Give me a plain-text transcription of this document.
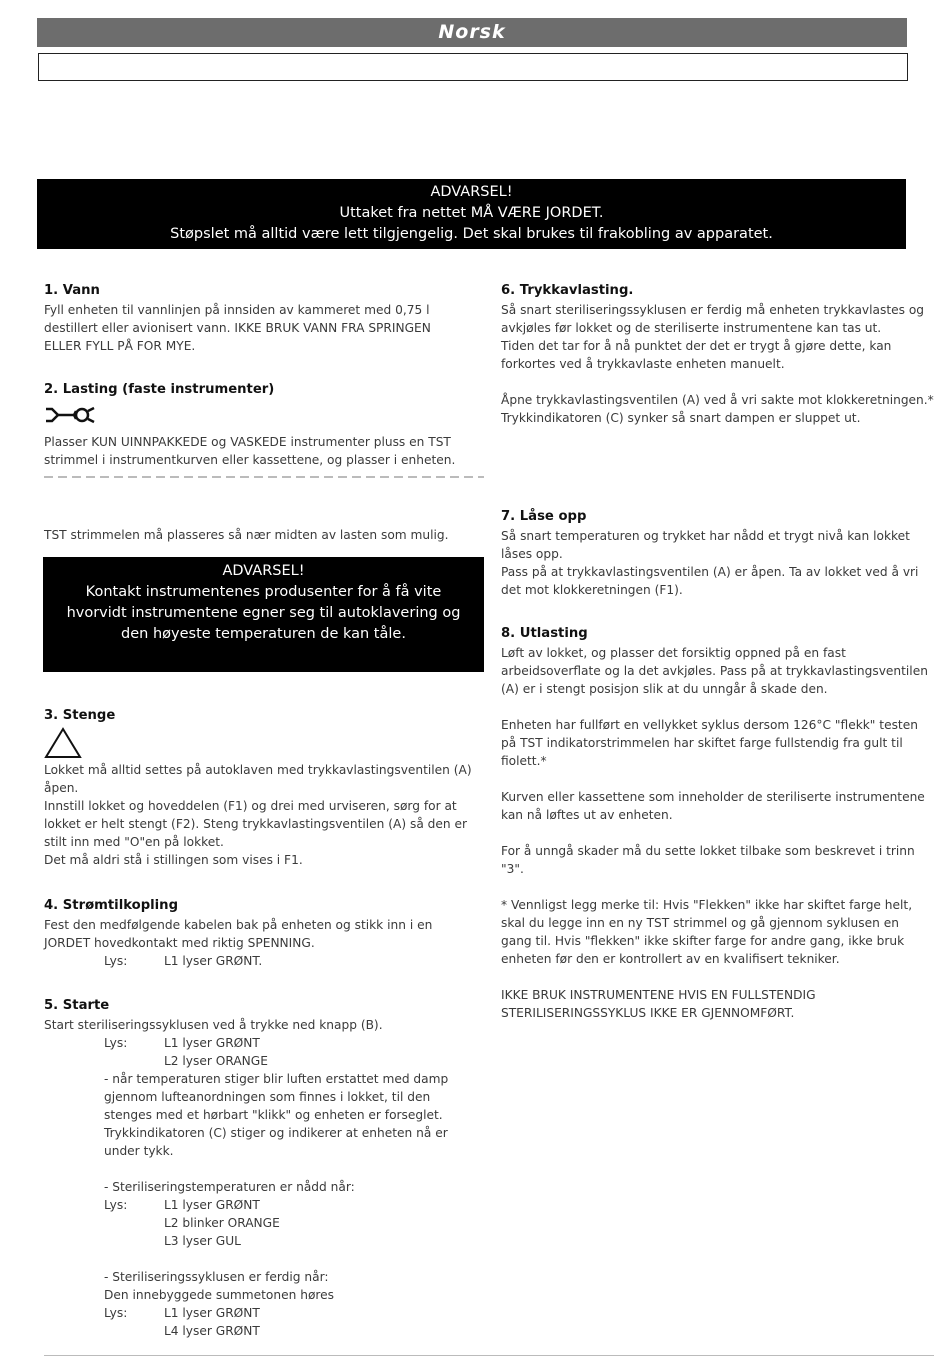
Norsk
ADVARSEL!
Uttaket fra nettet MÅ VÆRE JORDET.
Støpslet må alltid være lett tilgjengelig. Det skal brukes til frakobling av apparatet.
1. Vann
Fyll enheten til vannlinjen på innsiden av kammeret med 0,75 l
destillert eller avionisert vann. IKKE BRUK VANN FRA SPRINGEN
ELLER FYLL PÅ FOR MYE.
2. Lasting (faste instrumenter)
Plasser KUN UINNPAKKEDE og VASKEDE instrumenter pluss en TST
strimmel i instrumentkurven eller kassettene, og plasser i enheten.
TST strimmelen må plasseres så nær midten av lasten som mulig.
3. Stenge
Lokket må alltid settes på autoklaven med trykkavlastingsventilen (A)
åpen.
Innstill lokket og hoveddelen (F1) og drei med urviseren, sørg for at
lokket er helt stengt (F2). Steng trykkavlastingsventilen (A) så den er
stilt inn med "O"en på lokket.
Det må aldri stå i stillingen som vises i F1.
4. Strømtilkopling
Fest den medfølgende kabelen bak på enheten og stikk inn i en
JORDET hovedkontakt med riktig SPENNING.
Lys:	L1 lyser GRØNT.
5. Starte
Start steriliseringssyklusen ved å trykke ned knapp (B).
Lys:	L1 lyser GRØNT
L2 lyser ORANGE
- når temperaturen stiger blir luften erstattet med damp
gjennom lufteanordningen som finnes i lokket, til den
stenges med et hørbart "klikk" og enheten er forseglet.
Trykkindikatoren (C) stiger og indikerer at enheten nå er
under tykk.
- Steriliseringstemperaturen er nådd når:
Lys:	L1 lyser GRØNT
L2 blinker ORANGE
L3 lyser GUL
- Steriliseringssyklusen er ferdig når:
Den innebyggede summetonen høres
Lys:	L1 lyser GRØNT
L4 lyser GRØNT
ADVARSEL!
Kontakt instrumentenes produsenter for å få vite
hvorvidt instrumentene egner seg til autoklavering og
den høyeste temperaturen de kan tåle.
6. Trykkavlasting.
Så snart steriliseringssyklusen er ferdig må enheten trykkavlastes og
avkjøles før lokket og de steriliserte instrumentene kan tas ut.
Tiden det tar for å nå punktet der det er trygt å gjøre dette, kan
forkortes ved å trykkavlaste enheten manuelt.
Åpne trykkavlastingsventilen (A) ved å vri sakte mot klokkeretningen.*
Trykkindikatoren (C) synker så snart dampen er sluppet ut.
7. Låse opp
Så snart temperaturen og trykket har nådd et trygt nivå kan lokket
låses opp.
Pass på at trykkavlastingsventilen (A) er åpen. Ta av lokket ved å vri
det mot klokkeretningen (F1).
8. Utlasting
Løft av lokket, og plasser det forsiktig oppned på en fast
arbeidsoverflate og la det avkjøles. Pass på at trykkavlastingsventilen
(A) er i stengt posisjon slik at du unngår å skade den.
Enheten har fullført en vellykket syklus dersom 126°C "flekk" testen
på TST indikatorstrimmelen har skiftet farge fullstendig fra gult til
fiolett.*
Kurven eller kassettene som inneholder de steriliserte instrumentene
kan nå løftes ut av enheten.
For å unngå skader må du sette lokket tilbake som beskrevet i trinn
"3".
* Vennligst legg merke til: Hvis "Flekken" ikke har skiftet farge helt,
skal du legge inn en ny TST strimmel og gå gjennom syklusen en
gang til. Hvis "flekken" ikke skifter farge for andre gang, ikke bruk
enheten før den er kontrollert av en kvalifisert tekniker.
IKKE BRUK INSTRUMENTENE HVIS EN FULLSTENDIG
STERILISERINGSSYKLUS IKKE ER GJENNOMFØRT.
